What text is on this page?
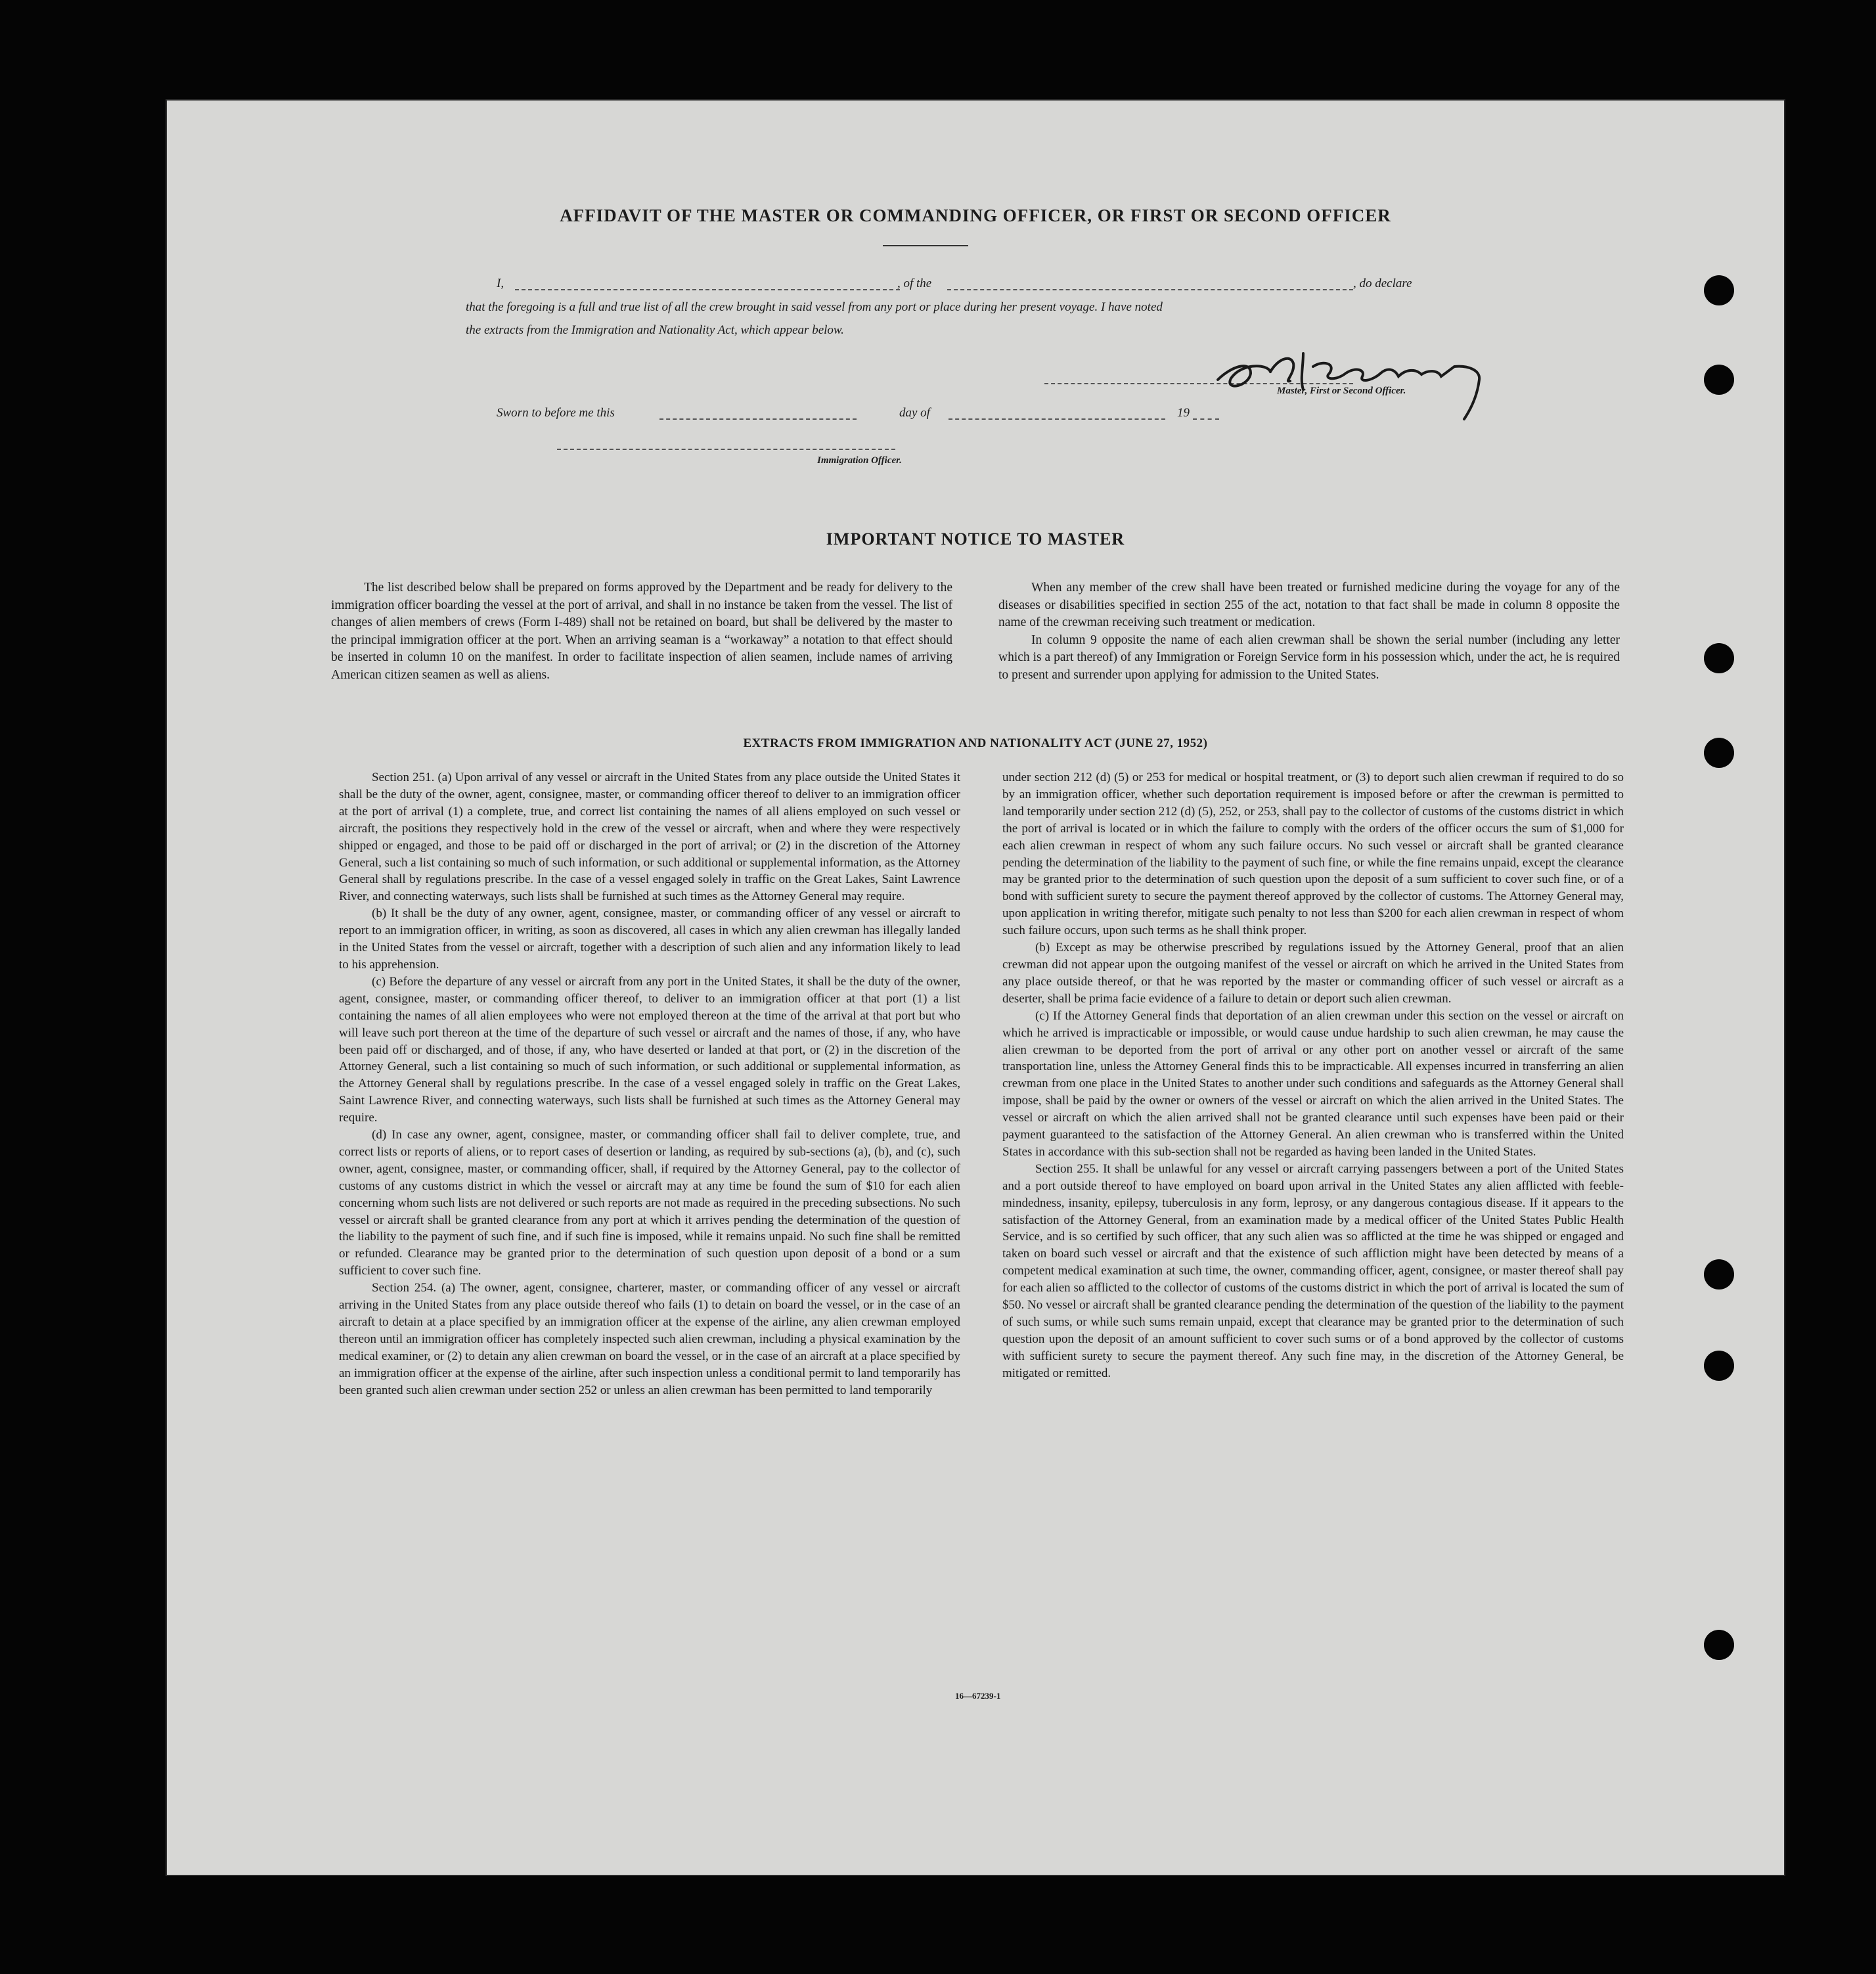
AFFIDAVIT OF THE MASTER OR COMMANDING OFFICER, OR FIRST OR SECOND OFFICER
I,	, of the	, do declare
that the foregoing is a full and true list of all the crew brought in said vessel from any port or place during her present voyage. I have noted
the extracts from the Immigration and Nationality Act, which appear below.
Master, First or Second Officer.
Sworn to before me this	day of	19
Immigration Officer.
IMPORTANT NOTICE TO MASTER

The list described below shall be prepared on forms approved by the Department and be ready for delivery to the immigration officer boarding the vessel at the port of arrival, and shall in no instance be taken from the vessel. The list of changes of alien members of crews (Form I-489) shall not be retained on board, but shall be delivered by the master to the principal immigration officer at the port. When an arriving seaman is a “workaway” a notation to that effect should be inserted in column 10 on the manifest. In order to facilitate inspection of alien seamen, include names of arriving American citizen seamen as well as aliens.

When any member of the crew shall have been treated or furnished medicine during the voyage for any of the diseases or disabilities specified in section 255 of the act, notation to that fact shall be made in column 8 opposite the name of the crewman receiving such treatment or medication.

In column 9 opposite the name of each alien crewman shall be shown the serial number (including any letter which is a part thereof) of any Immigration or Foreign Service form in his possession which, under the act, he is required to present and surrender upon applying for admission to the United States.

EXTRACTS FROM IMMIGRATION AND NATIONALITY ACT (JUNE 27, 1952)

Section 251. (a) Upon arrival of any vessel or aircraft in the United States from any place outside the United States it shall be the duty of the owner, agent, consignee, master, or commanding officer thereof to deliver to an immigration officer at the port of arrival (1) a complete, true, and correct list containing the names of all aliens employed on such vessel or aircraft, the positions they respectively hold in the crew of the vessel or aircraft, when and where they were respectively shipped or engaged, and those to be paid off or discharged in the port of arrival; or (2) in the discretion of the Attorney General, such a list containing so much of such information, or such additional or supplemental information, as the Attorney General shall by regulations prescribe. In the case of a vessel engaged solely in traffic on the Great Lakes, Saint Lawrence River, and connecting waterways, such lists shall be furnished at such times as the Attorney General may require.

(b) It shall be the duty of any owner, agent, consignee, master, or commanding officer of any vessel or aircraft to report to an immigration officer, in writing, as soon as discovered, all cases in which any alien crewman has illegally landed in the United States from the vessel or aircraft, together with a description of such alien and any information likely to lead to his apprehension.

(c) Before the departure of any vessel or aircraft from any port in the United States, it shall be the duty of the owner, agent, consignee, master, or commanding officer thereof, to deliver to an immigration officer at that port (1) a list containing the names of all alien employees who were not employed thereon at the time of the arrival at that port but who will leave such port thereon at the time of the departure of such vessel or aircraft and the names of those, if any, who have been paid off or discharged, and of those, if any, who have deserted or landed at that port, or (2) in the discretion of the Attorney General, such a list containing so much of such information, or such additional or supplemental information, as the Attorney General shall by regulations prescribe. In the case of a vessel engaged solely in traffic on the Great Lakes, Saint Lawrence River, and connecting waterways, such lists shall be furnished at such times as the Attorney General may require.

(d) In case any owner, agent, consignee, master, or commanding officer shall fail to deliver complete, true, and correct lists or reports of aliens, or to report cases of desertion or landing, as required by sub-sections (a), (b), and (c), such owner, agent, consignee, master, or commanding officer, shall, if required by the Attorney General, pay to the collector of customs of any customs district in which the vessel or aircraft may at any time be found the sum of $10 for each alien concerning whom such lists are not delivered or such reports are not made as required in the preceding subsections. No such vessel or aircraft shall be granted clearance from any port at which it arrives pending the determination of the question of the liability to the payment of such fine, and if such fine is imposed, while it remains unpaid. No such fine shall be remitted or refunded. Clearance may be granted prior to the determination of such question upon deposit of a bond or a sum sufficient to cover such fine.

Section 254. (a) The owner, agent, consignee, charterer, master, or commanding officer of any vessel or aircraft arriving in the United States from any place outside thereof who fails (1) to detain on board the vessel, or in the case of an aircraft to detain at a place specified by an immigration officer at the expense of the airline, any alien crewman employed thereon until an immigration officer has completely inspected such alien crewman, including a physical examination by the medical examiner, or (2) to detain any alien crewman on board the vessel, or in the case of an aircraft at a place specified by an immigration officer at the expense of the airline, after such inspection unless a conditional permit to land temporarily has been granted such alien crewman under section 252 or unless an alien crewman has been permitted to land temporarily

under section 212 (d) (5) or 253 for medical or hospital treatment, or (3) to deport such alien crewman if required to do so by an immigration officer, whether such deportation requirement is imposed before or after the crewman is permitted to land temporarily under section 212 (d) (5), 252, or 253, shall pay to the collector of customs of the customs district in which the port of arrival is located or in which the failure to comply with the orders of the officer occurs the sum of $1,000 for each alien crewman in respect of whom any such failure occurs. No such vessel or aircraft shall be granted clearance pending the determination of the liability to the payment of such fine, or while the fine remains unpaid, except the clearance may be granted prior to the determination of such question upon the deposit of a sum sufficient to cover such fine, or of a bond with sufficient surety to secure the payment thereof approved by the collector of customs. The Attorney General may, upon application in writing therefor, mitigate such penalty to not less than $200 for each alien crewman in respect of whom such failure occurs, upon such terms as he shall think proper.

(b) Except as may be otherwise prescribed by regulations issued by the Attorney General, proof that an alien crewman did not appear upon the outgoing manifest of the vessel or aircraft on which he arrived in the United States from any place outside thereof, or that he was reported by the master or commanding officer of such vessel or aircraft as a deserter, shall be prima facie evidence of a failure to detain or deport such alien crewman.

(c) If the Attorney General finds that deportation of an alien crewman under this section on the vessel or aircraft on which he arrived is impracticable or impossible, or would cause undue hardship to such alien crewman, he may cause the alien crewman to be deported from the port of arrival or any other port on another vessel or aircraft of the same transportation line, unless the Attorney General finds this to be impracticable. All expenses incurred in transferring an alien crewman from one place in the United States to another under such conditions and safeguards as the Attorney General shall impose, shall be paid by the owner or owners of the vessel or aircraft on which the alien arrived in the United States. The vessel or aircraft on which the alien arrived shall not be granted clearance until such expenses have been paid or their payment guaranteed to the satisfaction of the Attorney General. An alien crewman who is transferred within the United States in accordance with this sub-section shall not be regarded as having been landed in the United States.

Section 255. It shall be unlawful for any vessel or aircraft carrying passengers between a port of the United States and a port outside thereof to have employed on board upon arrival in the United States any alien afflicted with feeble-mindedness, insanity, epilepsy, tuberculosis in any form, leprosy, or any dangerous contagious disease. If it appears to the satisfaction of the Attorney General, from an examination made by a medical officer of the United States Public Health Service, and is so certified by such officer, that any such alien was so afflicted at the time he was shipped or engaged and taken on board such vessel or aircraft and that the existence of such affliction might have been detected by means of a competent medical examination at such time, the owner, commanding officer, agent, consignee, or master thereof shall pay for each alien so afflicted to the collector of customs of the customs district in which the port of arrival is located the sum of $50. No vessel or aircraft shall be granted clearance pending the determination of the question of the liability to the payment of such sums, or while such sums remain unpaid, except that clearance may be granted prior to the determination of such question upon the deposit of an amount sufficient to cover such sums or of a bond approved by the collector of customs with sufficient surety to secure the payment thereof. Any such fine may, in the discretion of the Attorney General, be mitigated or remitted.

16—67239-1
